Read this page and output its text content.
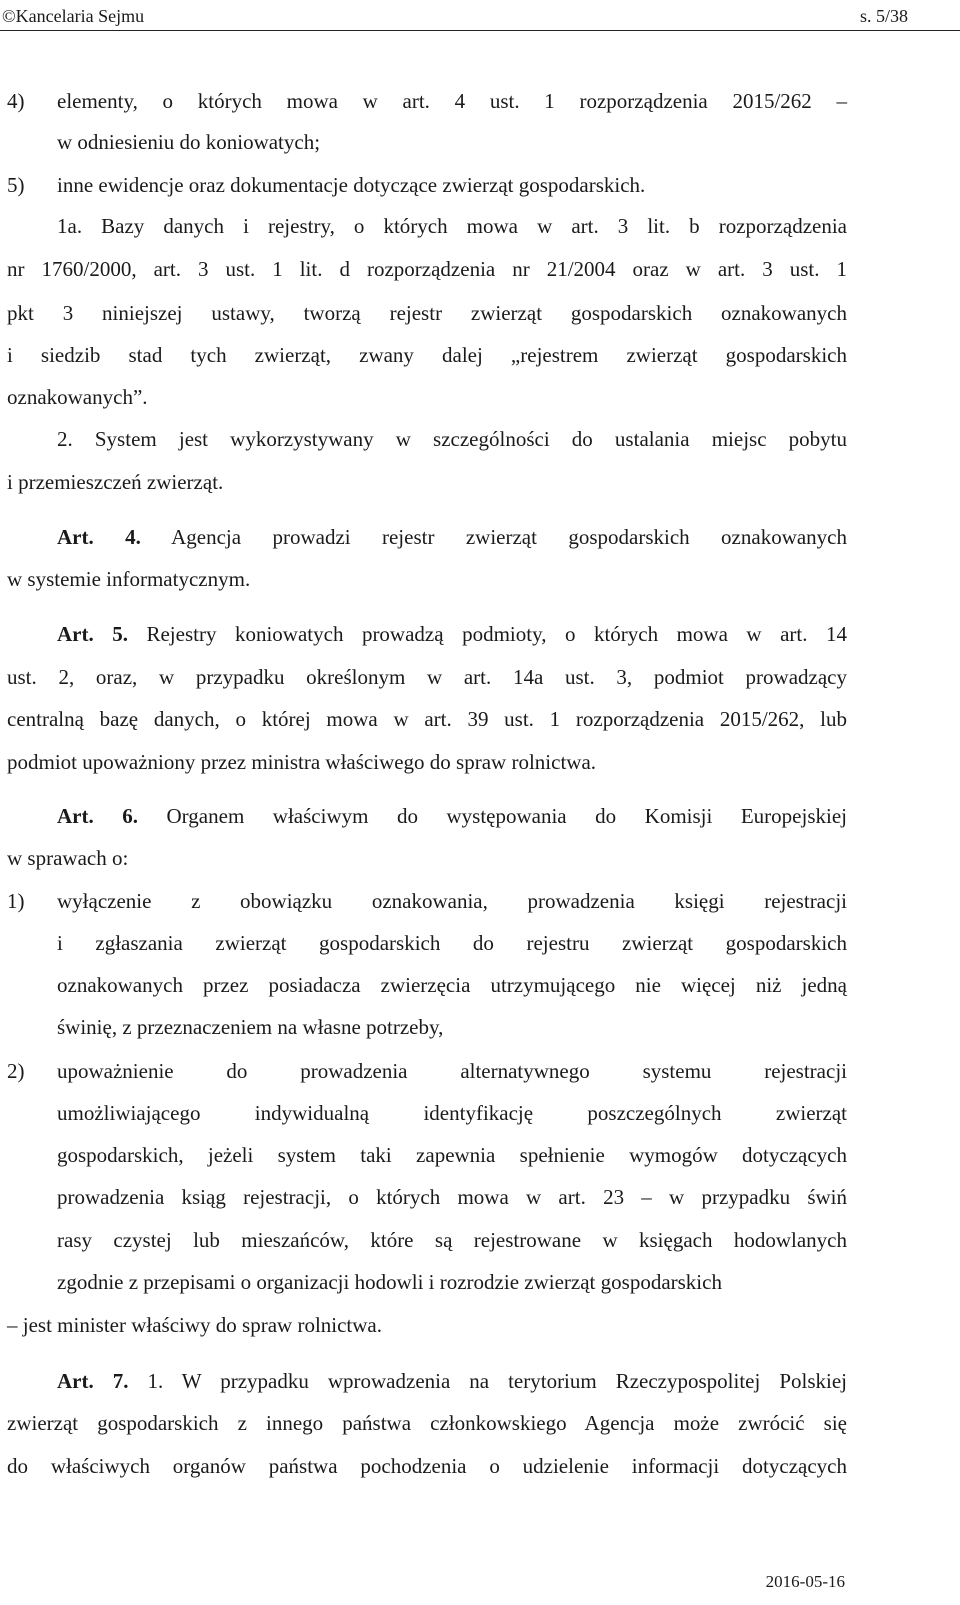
©Kancelaria Sejmu	s. 5/38
4) elementy, o których mowa w art. 4 ust. 1 rozporządzenia 2015/262 –
w odniesieniu do koniowatych;
5) inne ewidencje oraz dokumentacje dotyczące zwierząt gospodarskich.
1a. Bazy danych i rejestry, o których mowa w art. 3 lit. b rozporządzenia
nr 1760/2000, art. 3 ust. 1 lit. d rozporządzenia nr 21/2004 oraz w art. 3 ust. 1
pkt 3 niniejszej ustawy, tworzą rejestr zwierząt gospodarskich oznakowanych
i siedzib stad tych zwierząt, zwany dalej „rejestrem zwierząt gospodarskich
oznakowanych”.
2. System jest wykorzystywany w szczególności do ustalania miejsc pobytu
i przemieszczeń zwierząt.
Art. 4. Agencja prowadzi rejestr zwierząt gospodarskich oznakowanych
w systemie informatycznym.
Art. 5. Rejestry koniowatych prowadzą podmioty, o których mowa w art. 14
ust. 2, oraz, w przypadku określonym w art. 14a ust. 3, podmiot prowadzący
centralną bazę danych, o której mowa w art. 39 ust. 1 rozporządzenia 2015/262, lub
podmiot upoważniony przez ministra właściwego do spraw rolnictwa.
Art. 6. Organem właściwym do występowania do Komisji Europejskiej
w sprawach o:
1) wyłączenie z obowiązku oznakowania, prowadzenia księgi rejestracji
i zgłaszania zwierząt gospodarskich do rejestru zwierząt gospodarskich
oznakowanych przez posiadacza zwierzęcia utrzymującego nie więcej niż jedną
świnię, z przeznaczeniem na własne potrzeby,
2) upoważnienie do prowadzenia alternatywnego systemu rejestracji
umożliwiającego indywidualną identyfikację poszczególnych zwierząt
gospodarskich, jeżeli system taki zapewnia spełnienie wymogów dotyczących
prowadzenia ksiąg rejestracji, o których mowa w art. 23 – w przypadku świń
rasy czystej lub mieszańców, które są rejestrowane w księgach hodowlanych
zgodnie z przepisami o organizacji hodowli i rozrodzie zwierząt gospodarskich
– jest minister właściwy do spraw rolnictwa.
Art. 7. 1. W przypadku wprowadzenia na terytorium Rzeczypospolitej Polskiej
zwierząt gospodarskich z innego państwa członkowskiego Agencja może zwrócić się
do właściwych organów państwa pochodzenia o udzielenie informacji dotyczących
2016-05-16
